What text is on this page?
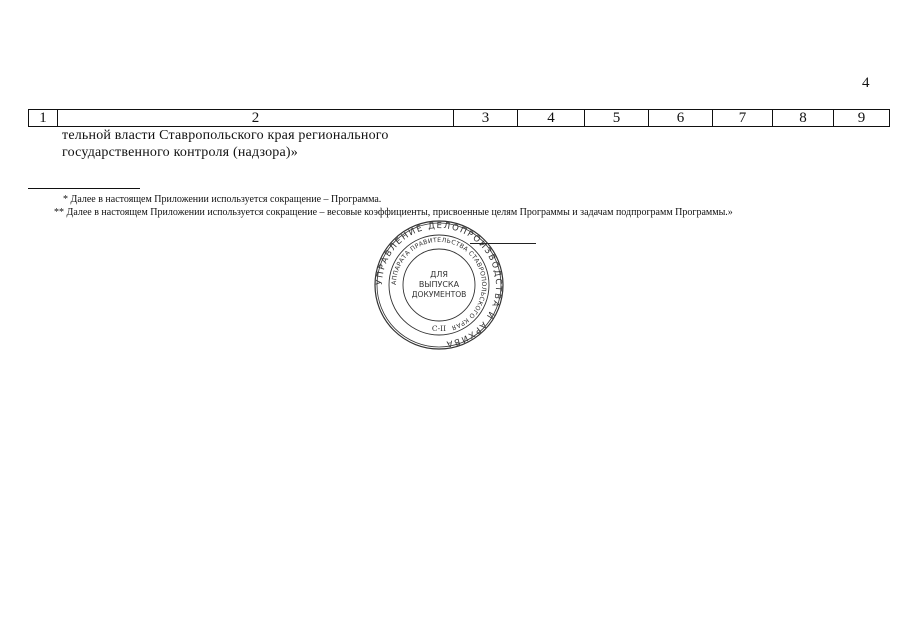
4
1	2	3	4	5	6	7	8	9
тельной власти Ставропольского края регионального
государственного контроля (надзора)»
* Далее в настоящем Приложении используется сокращение – Программа.
** Далее в настоящем Приложении используется сокращение – весовые коэффициенты, присвоенные целям Программы и задачам подпрограмм Программы.»
УПРАВЛЕНИЕ ДЕЛОПРОИЗВОДСТВА И АРХИВА
АППАРАТА ПРАВИТЕЛЬСТВА СТАВРОПОЛЬСКОГО КРАЯ
ДЛЯ
ВЫПУСКА
ДОКУМЕНТОВ
С-II
